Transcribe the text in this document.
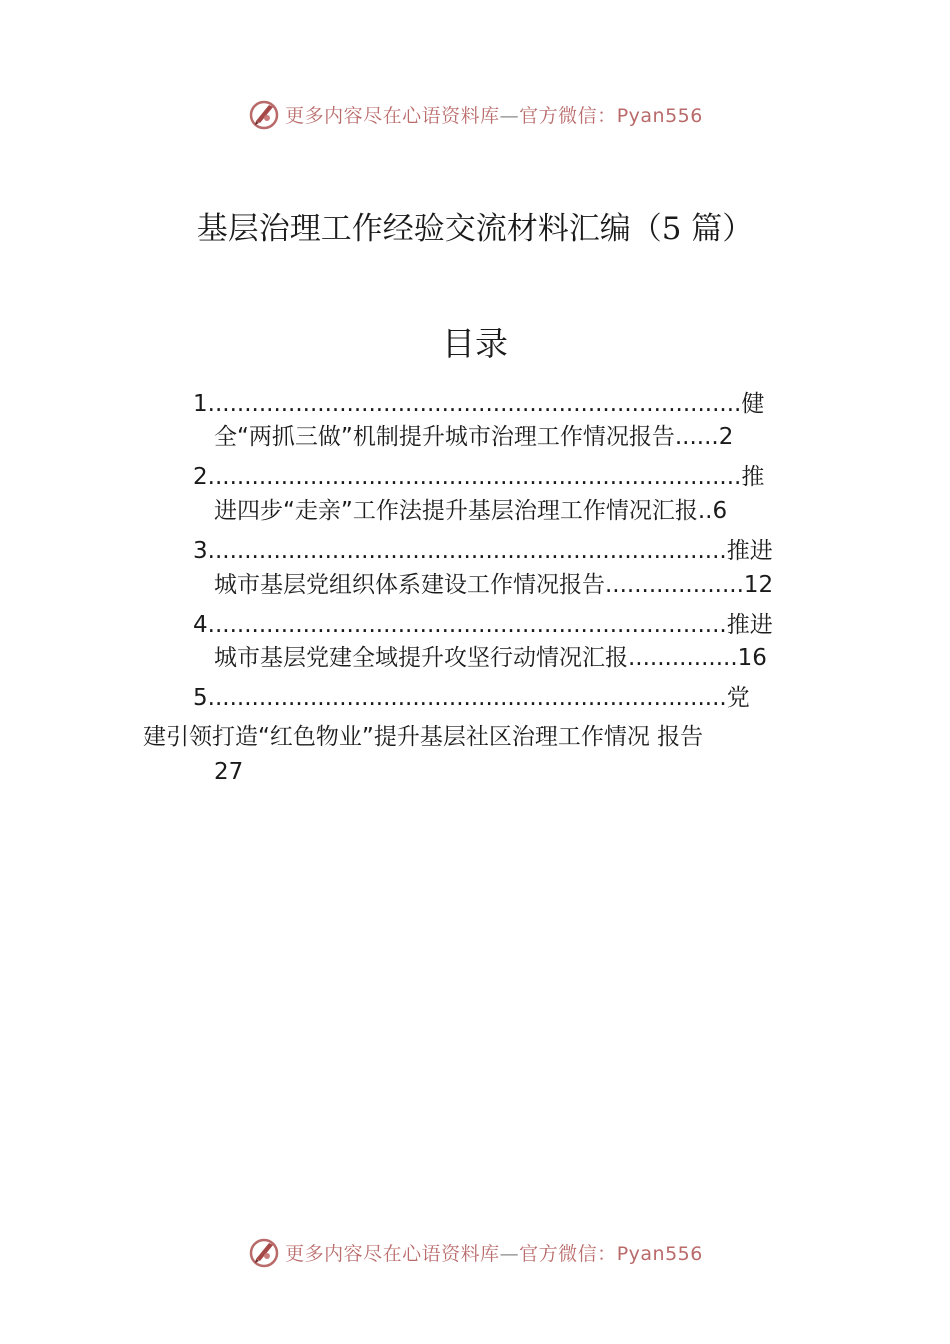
更多内容尽在心语资料库—官方微信：Pyan556
基层治理工作经验交流材料汇编（5 篇）
目录
1.........................................................................健
全“两抓三做”机制提升城市治理工作情况报告......2
2.........................................................................推
进四步“走亲”工作法提升基层治理工作情况汇报..6
3.......................................................................推进
城市基层党组织体系建设工作情况报告...................12
4.......................................................................推进
城市基层党建全域提升攻坚行动情况汇报...............16
5.......................................................................党
建引领打造“红色物业”提升基层社区治理工作情况 报告
27
更多内容尽在心语资料库—官方微信：Pyan556
